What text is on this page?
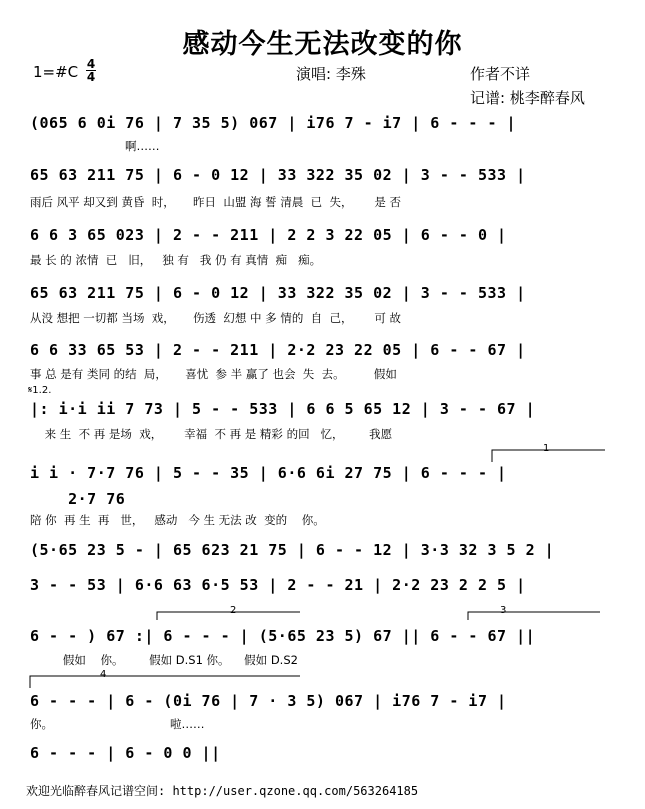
感动今生无法改变的你
1=#C 4
4	演唱: 李殊	作者不详
记谱: 桃李醉春风
(065 6 0i 76 | 7 35 5) 067 | i76 7 - i7 | 6 - - - |
啊……
65 63 211 75 | 6 - 0 12 | 33 322 35 02 | 3 - - 533 |
雨后 风平 却又到 黄昏  时，     昨日  山盟 海 誓 清晨  已  失，      是 否
6 6 3 65 023 | 2 - - 211 | 2 2 3 22 05 | 6 - - 0 |
最 长 的 浓情  已   旧，   独 有   我 仍 有 真情  痴   痴。
65 63 211 75 | 6 - 0 12 | 33 322 35 02 | 3 - - 533 |
从没 想把 一切都 当场  戏，     伤透  幻想 中 多 情的  自  己，      可 故
6 6 33 65 53 | 2 - - 211 | 2·2 23 22 05 | 6 - - 67 |
事 总 是有 类同 的结  局，     喜忧  参 半 赢了 也会  失  去。        假如
𝄋1.2.
|: i·i ii 7 73 | 5 - - 533 | 6 6 5 65 12 | 3 - - 67 |
来 生  不 再 是场  戏，      幸福  不 再 是 精彩 的回   忆，       我愿
i i · 7·7 76 | 5 - - 35 | 6·6 6i 27 75 | 6 - - - |
2·7 76
陪 你  再 生  再   世，   感动   今 生 无法 改  变的    你。
(5·65 23 5 - | 65 623 21 75 | 6 - - 12 | 3·3 32 3 5 2 |
3 - - 53 | 6·6 63 6·5 53 | 2 - - 21 | 2·2 23 2 2 5 |
6 - - ) 67 :| 6 - - - | (5·65 23 5) 67 || 6 - - 67 ||
假如    你。       假如 D.S1 你。    假如 D.S2
6 - - - | 6 - (0i 76 | 7 · 3 5) 067 | i76 7 - i7 |
你。                                啦……
6 - - - | 6 - 0 0 ||
1
2	3
4
欢迎光临醉春风记谱空间: http://user.qzone.qq.com/563264185
